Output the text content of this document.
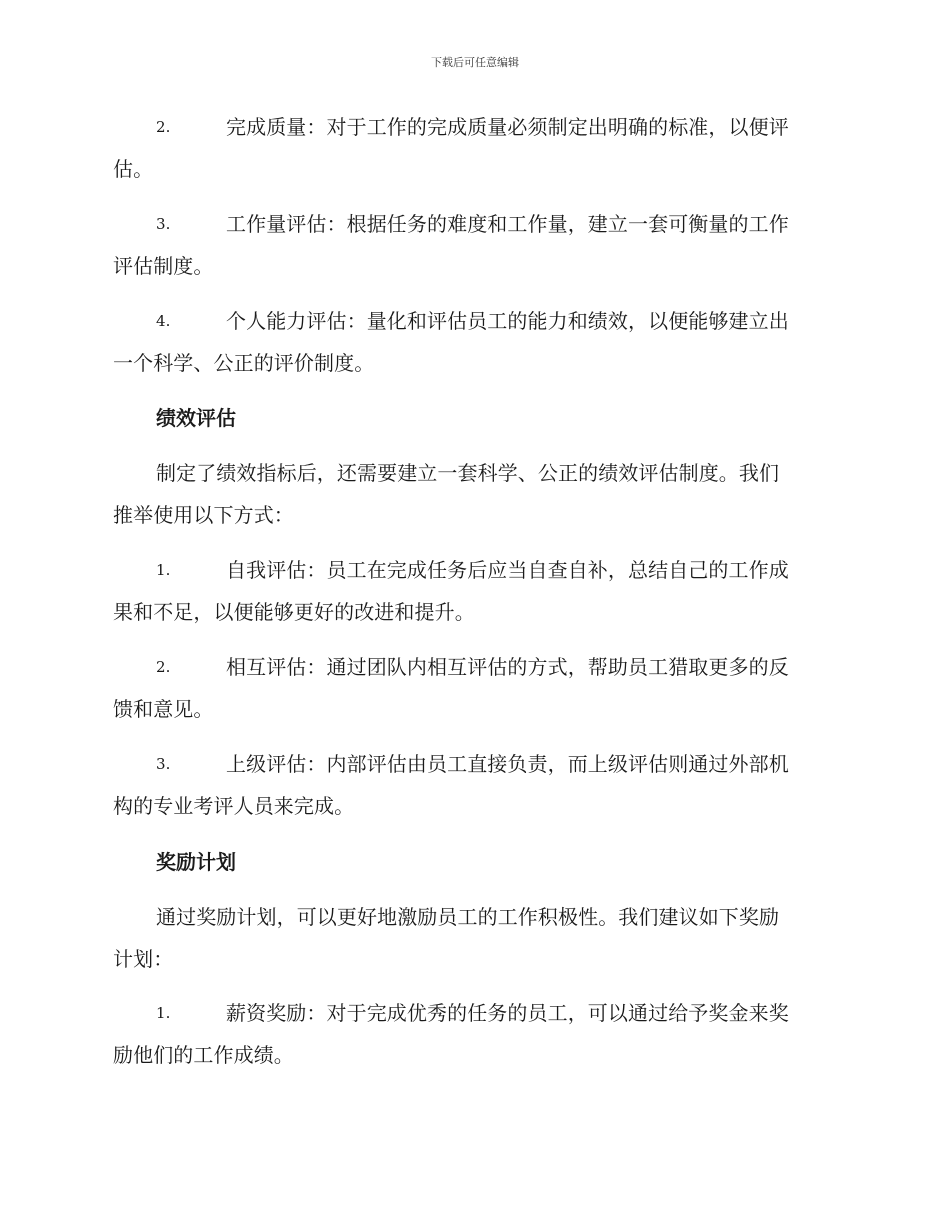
下载后可任意编辑
2.	完成质量：对于工作的完成质量必须制定出明确的标准，以便评
估。
3.	工作量评估：根据任务的难度和工作量，建立一套可衡量的工作
评估制度。
4.	个人能力评估：量化和评估员工的能力和绩效，以便能够建立出
一个科学、公正的评价制度。
绩效评估
制定了绩效指标后，还需要建立一套科学、公正的绩效评估制度。我们
推举使用以下方式：
1.	自我评估：员工在完成任务后应当自查自补，总结自己的工作成
果和不足，以便能够更好的改进和提升。
2.	相互评估：通过团队内相互评估的方式，帮助员工猎取更多的反
馈和意见。
3.	上级评估：内部评估由员工直接负责，而上级评估则通过外部机
构的专业考评人员来完成。
奖励计划
通过奖励计划，可以更好地激励员工的工作积极性。我们建议如下奖励
计划：
1.	薪资奖励：对于完成优秀的任务的员工，可以通过给予奖金来奖
励他们的工作成绩。
